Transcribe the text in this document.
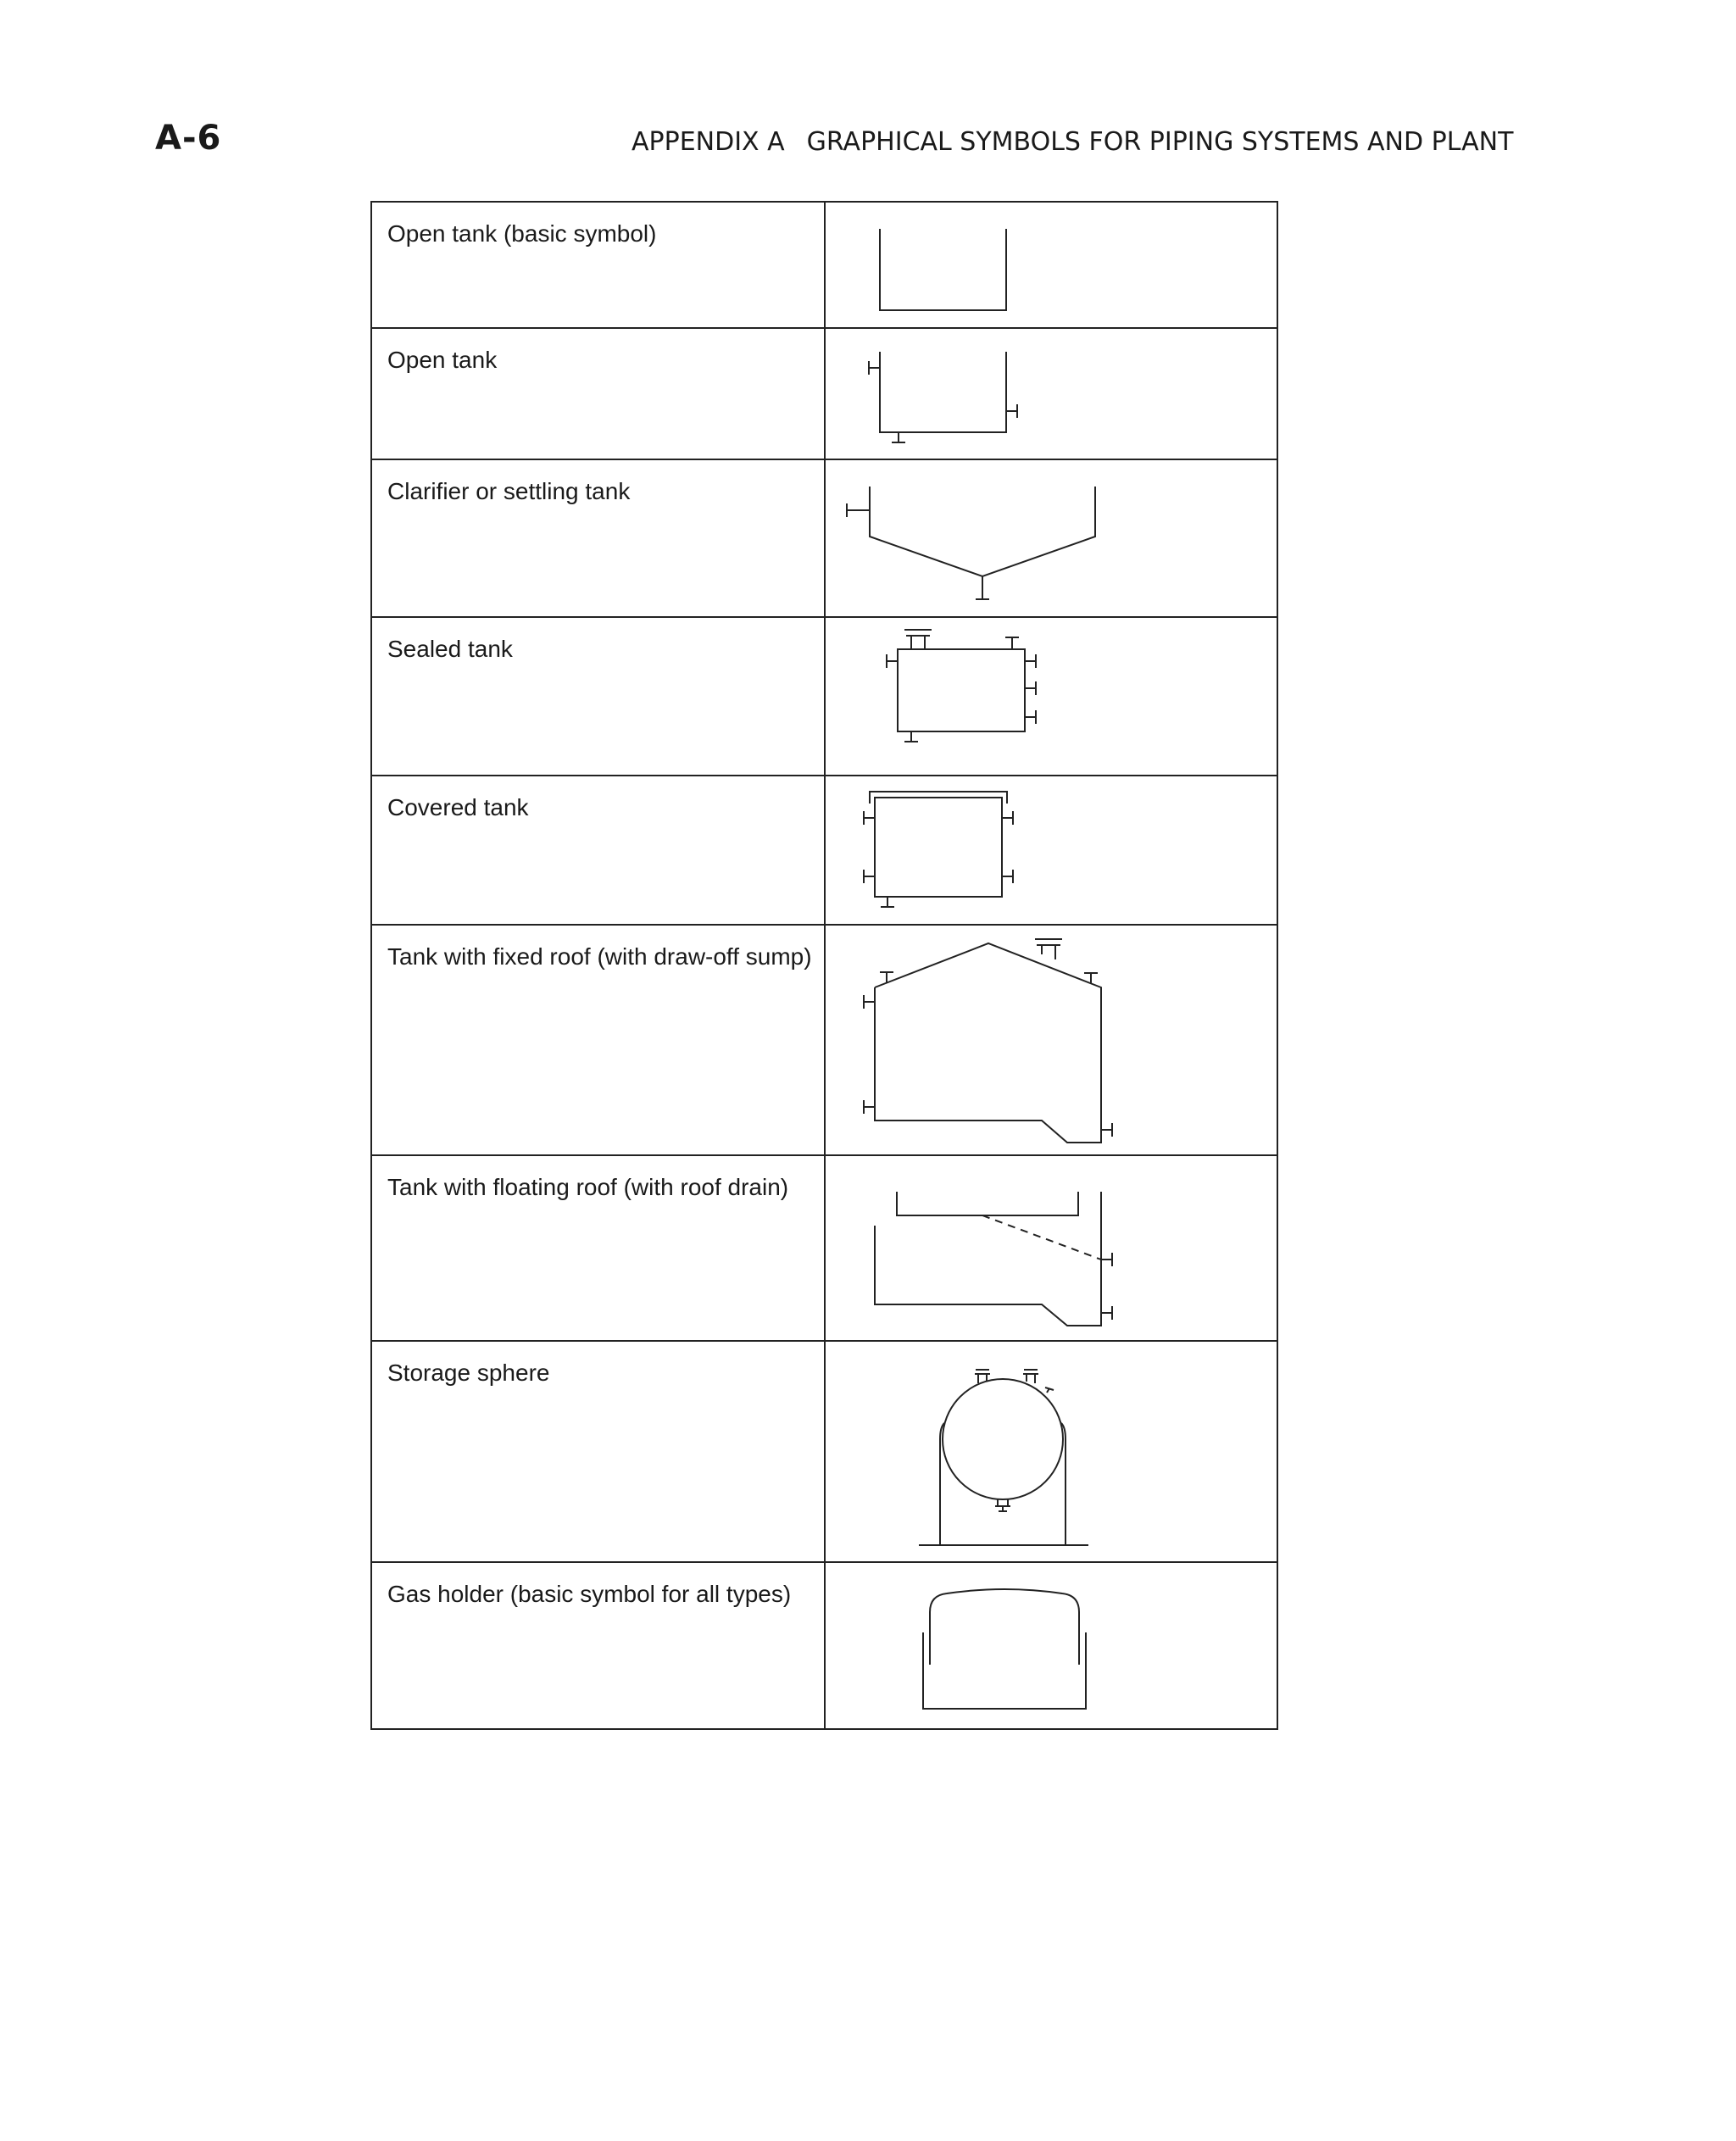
A-6	APPENDIX A GRAPHICAL SYMBOLS FOR PIPING SYSTEMS AND PLANT
Open tank (basic symbol)

Open tank

Clarifier or settling tank

Sealed tank

Covered tank

Tank with fixed roof (with draw-off sump)

Tank with floating roof (with roof drain)

Storage sphere

Gas holder (basic symbol for all types)
